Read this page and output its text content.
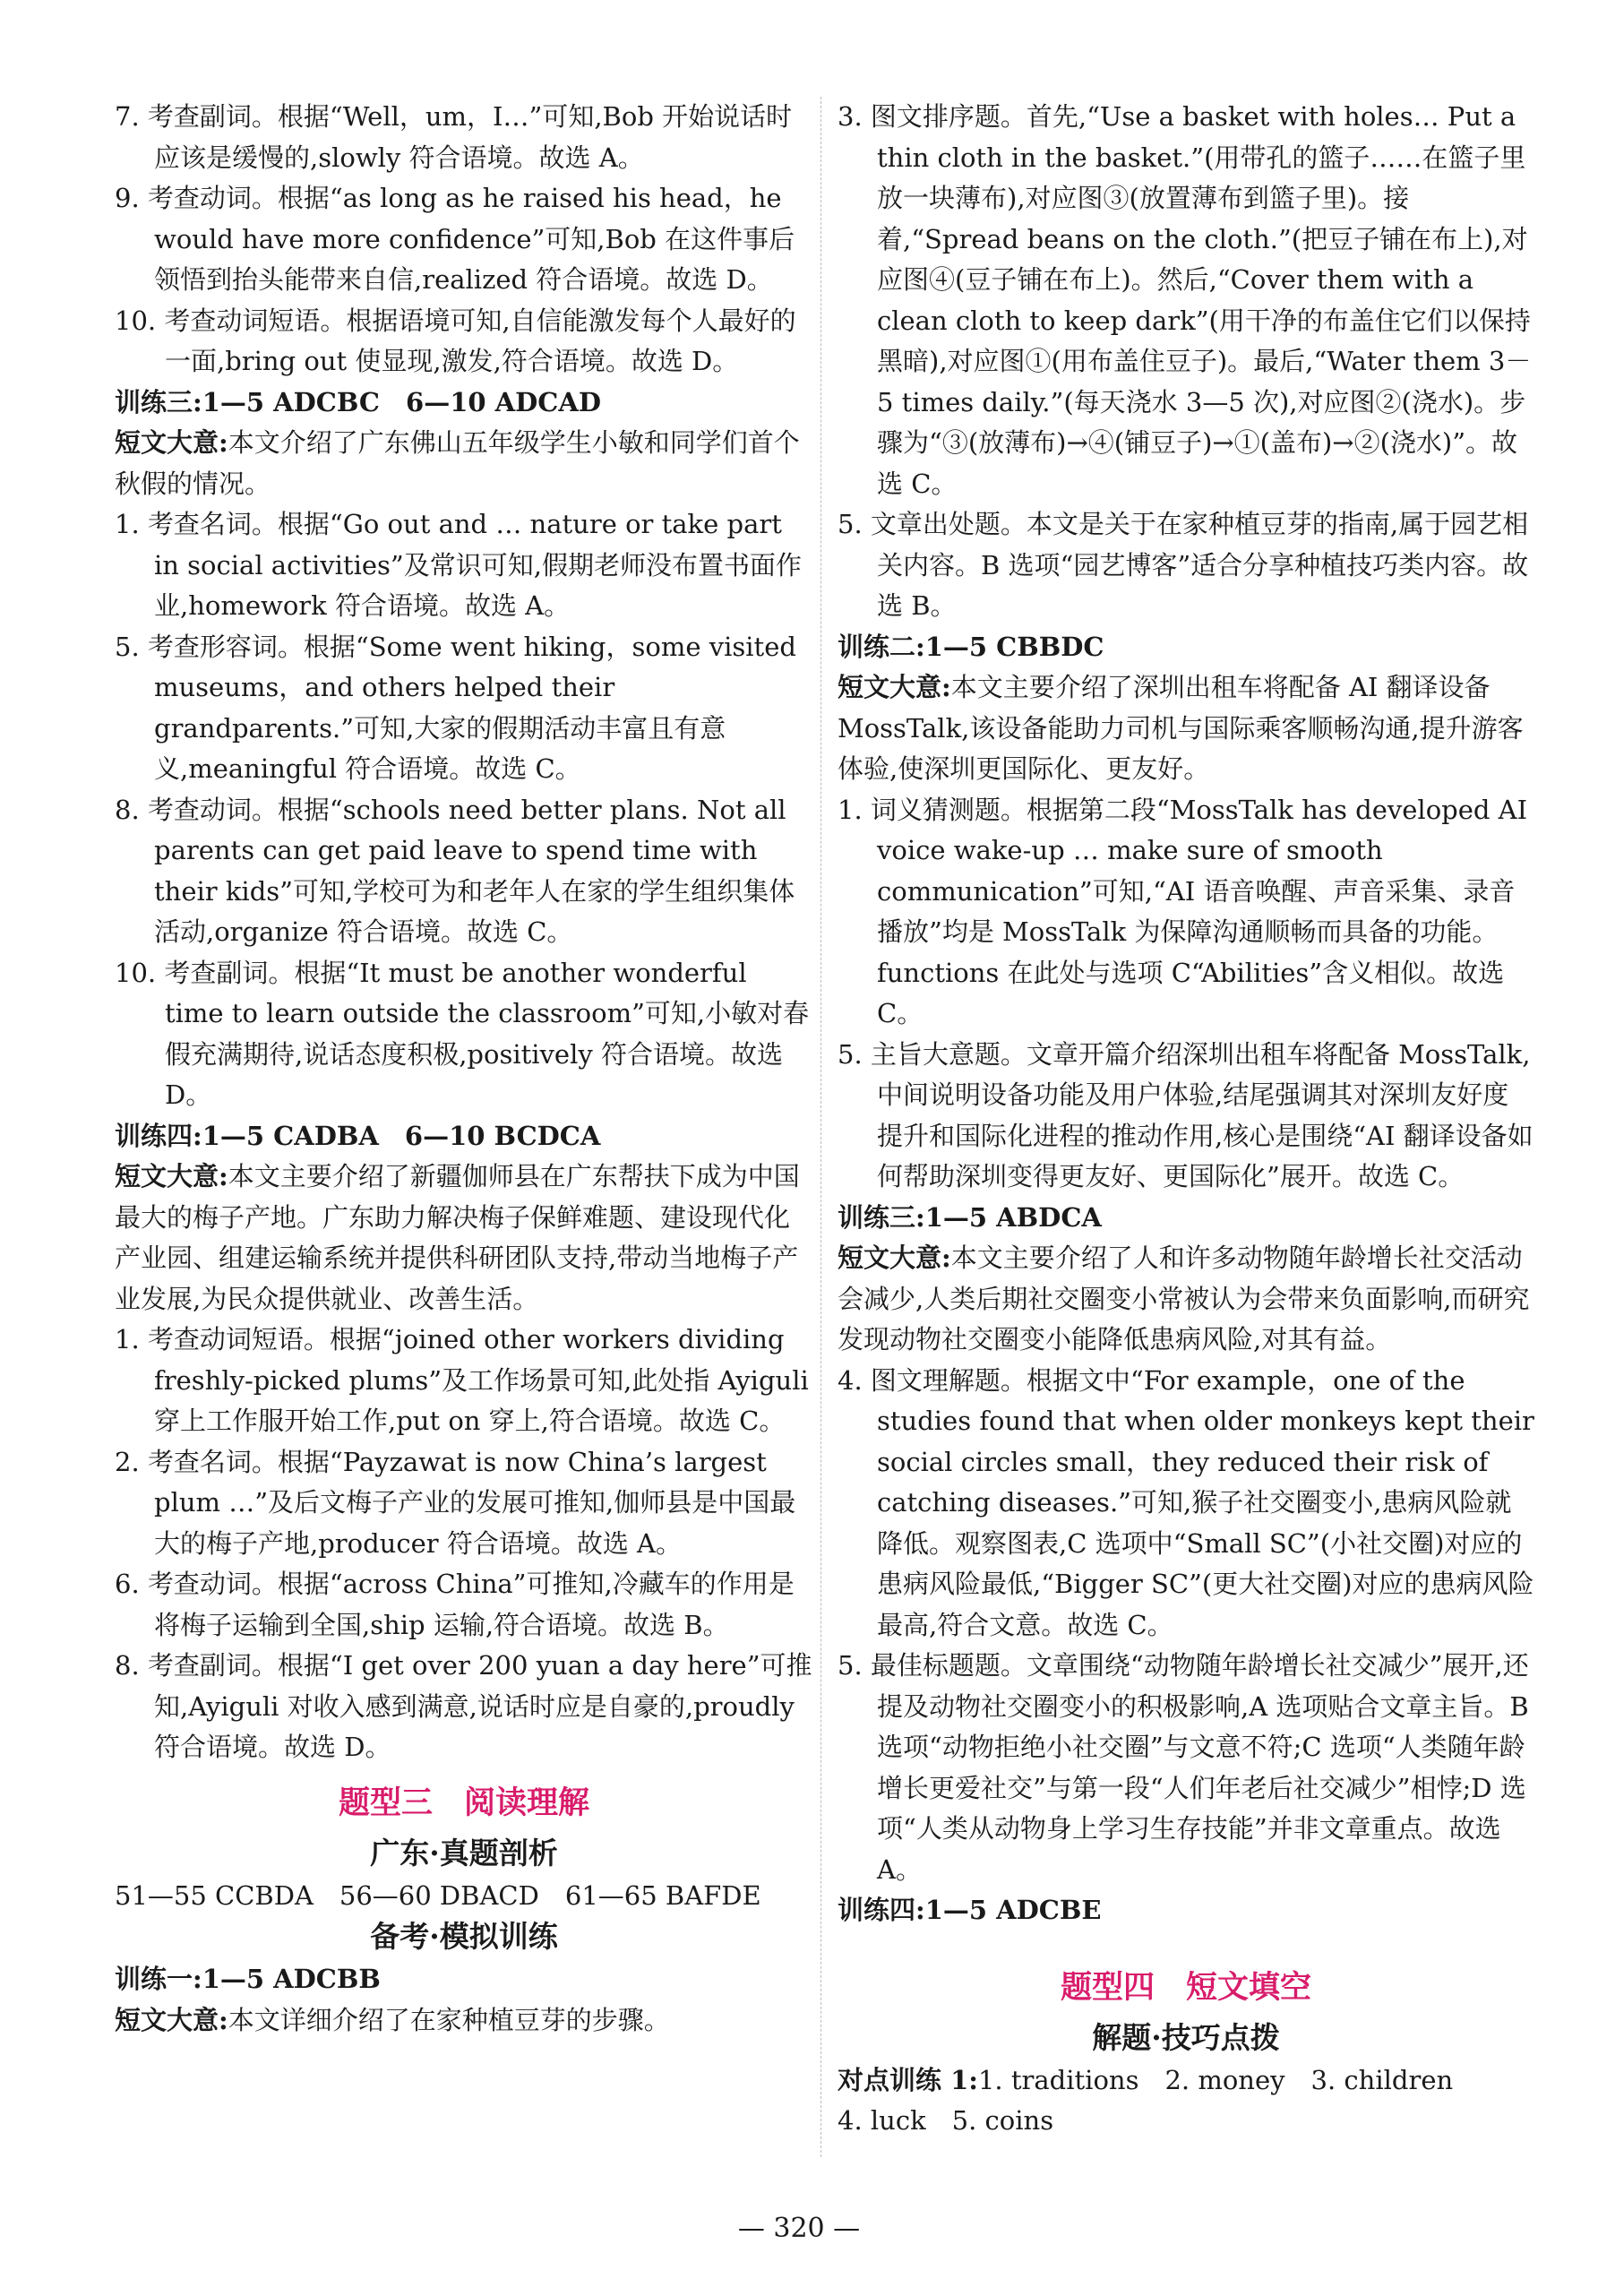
7. 考查副词。根据“Well，um，I…”可知,Bob 开始说话时应该是缓慢的,slowly 符合语境。故选 A。

9. 考查动词。根据“as long as he raised his head，he would have more confidence”可知,Bob 在这件事后领悟到抬头能带来自信,realized 符合语境。故选 D。

10. 考查动词短语。根据语境可知,自信能激发每个人最好的一面,bring out 使显现,激发,符合语境。故选 D。

训练三:1—5 ADCBC　6—10 ADCAD

短文大意:本文介绍了广东佛山五年级学生小敏和同学们首个秋假的情况。

1. 考查名词。根据“Go out and … nature or take part in social activities”及常识可知,假期老师没布置书面作业,homework 符合语境。故选 A。

5. 考查形容词。根据“Some went hiking，some visited museums，and others helped their grandparents.”可知,大家的假期活动丰富且有意义,meaningful 符合语境。故选 C。

8. 考查动词。根据“schools need better plans. Not all parents can get paid leave to spend time with their kids”可知,学校可为和老年人在家的学生组织集体活动,organize 符合语境。故选 C。

10. 考查副词。根据“It must be another wonderful time to learn outside the classroom”可知,小敏对春假充满期待,说话态度积极,positively 符合语境。故选 D。

训练四:1—5 CADBA　6—10 BCDCA

短文大意:本文主要介绍了新疆伽师县在广东帮扶下成为中国最大的梅子产地。广东助力解决梅子保鲜难题、建设现代化产业园、组建运输系统并提供科研团队支持,带动当地梅子产业发展,为民众提供就业、改善生活。

1. 考查动词短语。根据“joined other workers dividing freshly-picked plums”及工作场景可知,此处指 Ayiguli 穿上工作服开始工作,put on 穿上,符合语境。故选 C。

2. 考查名词。根据“Payzawat is now China’s largest plum …”及后文梅子产业的发展可推知,伽师县是中国最大的梅子产地,producer 符合语境。故选 A。

6. 考查动词。根据“across China”可推知,冷藏车的作用是将梅子运输到全国,ship 运输,符合语境。故选 B。

8. 考查副词。根据“I get over 200 yuan a day here”可推知,Ayiguli 对收入感到满意,说话时应是自豪的,proudly 符合语境。故选 D。

题型三　阅读理解
广东·真题剖析

51—55 CCBDA　56—60 DBACD　61—65 BAFDE

备考·模拟训练

训练一:1—5 ADCBB

短文大意:本文详细介绍了在家种植豆芽的步骤。

3. 图文排序题。首先,“Use a basket with holes… Put a thin cloth in the basket.”(用带孔的篮子……在篮子里放一块薄布),对应图③(放置薄布到篮子里)。接着,“Spread beans on the cloth.”(把豆子铺在布上),对应图④(豆子铺在布上)。然后,“Cover them with a clean cloth to keep dark”(用干净的布盖住它们以保持黑暗),对应图①(用布盖住豆子)。最后,“Water them 3－5 times daily.”(每天浇水 3—5 次),对应图②(浇水)。步骤为“③(放薄布)→④(铺豆子)→①(盖布)→②(浇水)”。故选 C。

5. 文章出处题。本文是关于在家种植豆芽的指南,属于园艺相关内容。B 选项“园艺博客”适合分享种植技巧类内容。故选 B。

训练二:1—5 CBBDC

短文大意:本文主要介绍了深圳出租车将配备 AI 翻译设备 MossTalk,该设备能助力司机与国际乘客顺畅沟通,提升游客体验,使深圳更国际化、更友好。

1. 词义猜测题。根据第二段“MossTalk has developed AI voice wake-up … make sure of smooth communication”可知,“AI 语音唤醒、声音采集、录音播放”均是 MossTalk 为保障沟通顺畅而具备的功能。functions 在此处与选项 C“Abilities”含义相似。故选 C。

5. 主旨大意题。文章开篇介绍深圳出租车将配备 MossTalk,中间说明设备功能及用户体验,结尾强调其对深圳友好度提升和国际化进程的推动作用,核心是围绕“AI 翻译设备如何帮助深圳变得更友好、更国际化”展开。故选 C。

训练三:1—5 ABDCA

短文大意:本文主要介绍了人和许多动物随年龄增长社交活动会减少,人类后期社交圈变小常被认为会带来负面影响,而研究发现动物社交圈变小能降低患病风险,对其有益。

4. 图文理解题。根据文中“For example，one of the studies found that when older monkeys kept their social circles small，they reduced their risk of catching diseases.”可知,猴子社交圈变小,患病风险就降低。观察图表,C 选项中“Small SC”(小社交圈)对应的患病风险最低,“Bigger SC”(更大社交圈)对应的患病风险最高,符合文意。故选 C。

5. 最佳标题题。文章围绕“动物随年龄增长社交减少”展开,还提及动物社交圈变小的积极影响,A 选项贴合文章主旨。B 选项“动物拒绝小社交圈”与文意不符;C 选项“人类随年龄增长更爱社交”与第一段“人们年老后社交减少”相悖;D 选项“人类从动物身上学习生存技能”并非文章重点。故选 A。

训练四:1—5 ADCBE

题型四　短文填空
解题·技巧点拨

对点训练 1:1. traditions　2. money　3. children

4. luck　5. coins

— 320 —
